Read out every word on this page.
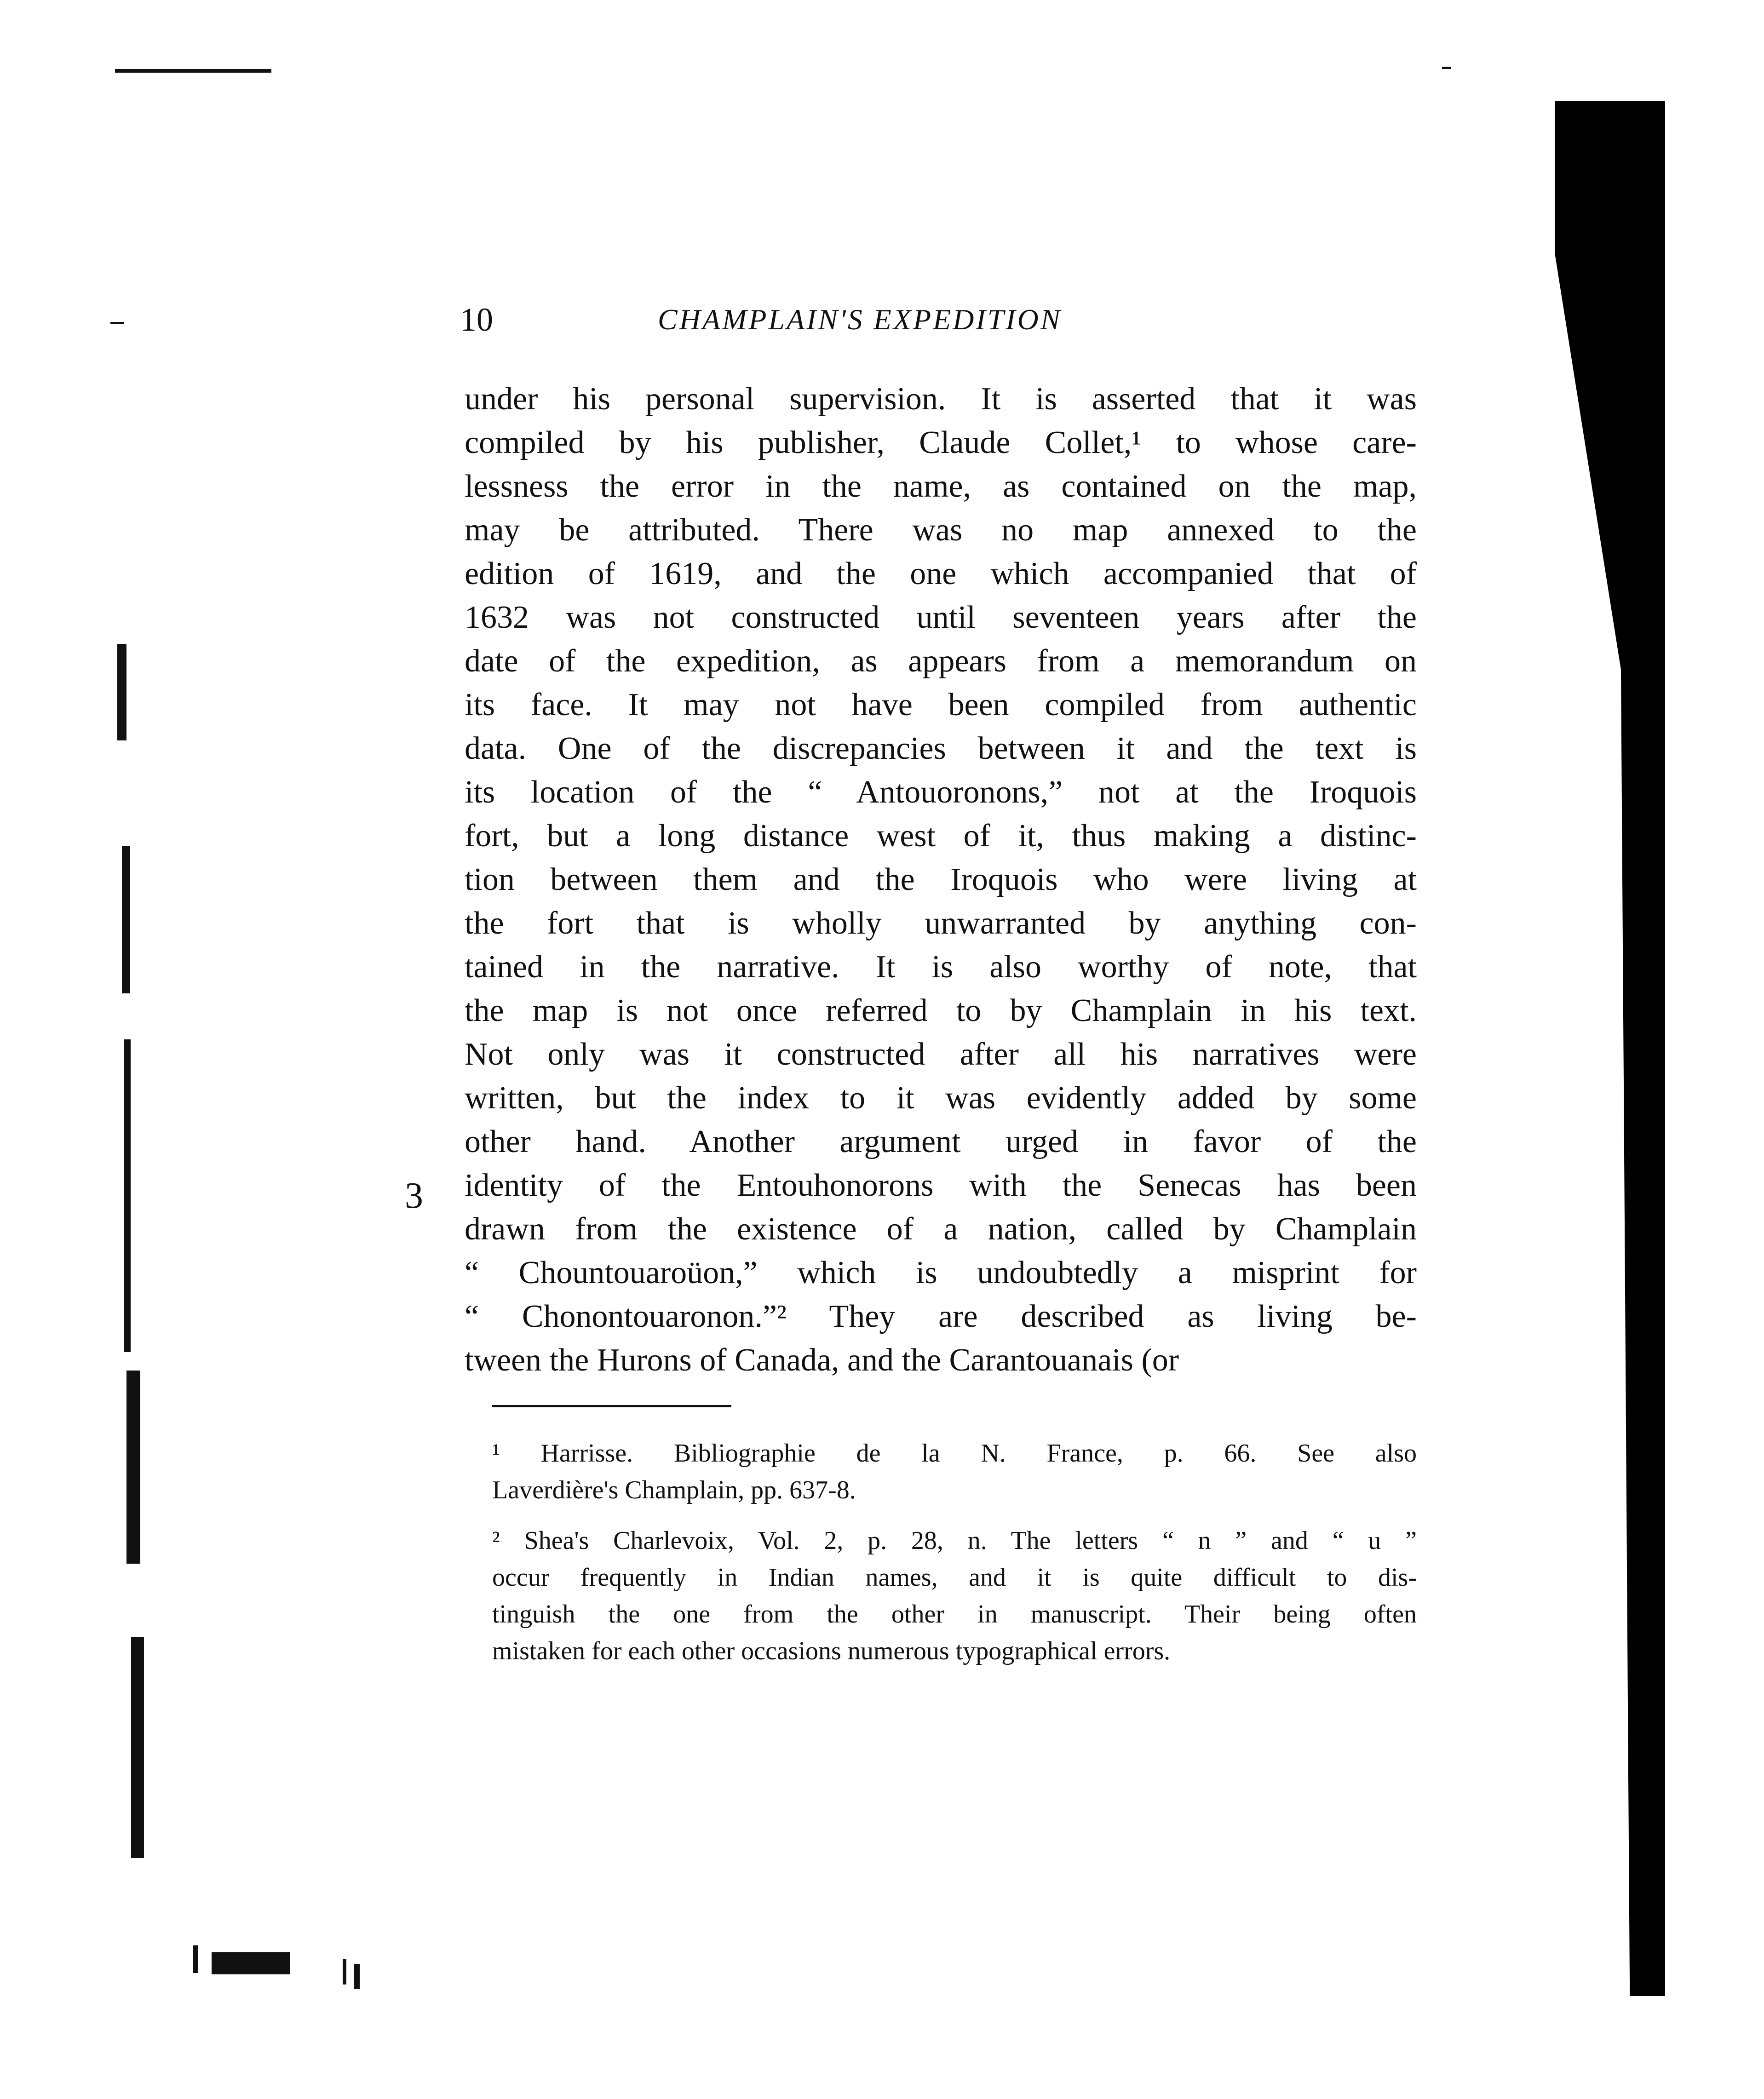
3
10	CHAMPLAIN'S EXPEDITION
under his personal supervision. It is asserted that it was
compiled by his publisher, Claude Collet,¹ to whose care-
lessness the error in the name, as contained on the map,
may be attributed. There was no map annexed to the
edition of 1619, and the one which accompanied that of
1632 was not constructed until seventeen years after the
date of the expedition, as appears from a memorandum on
its face. It may not have been compiled from authentic
data. One of the discrepancies between it and the text is
its location of the “ Antouoronons,” not at the Iroquois
fort, but a long distance west of it, thus making a distinc-
tion between them and the Iroquois who were living at
the fort that is wholly unwarranted by anything con-
tained in the narrative. It is also worthy of note, that
the map is not once referred to by Champlain in his text.
Not only was it constructed after all his narratives were
written, but the index to it was evidently added by some
other hand. Another argument urged in favor of the
identity of the Entouhonorons with the Senecas has been
drawn from the existence of a nation, called by Champlain
“ Chountouaroüon,” which is undoubtedly a misprint for
“ Chonontouaronon.”² They are described as living be-
tween the Hurons of Canada, and the Carantouanais (or
¹ Harrisse. Bibliographie de la N. France, p. 66. See also
Laverdière's Champlain, pp. 637-8.
² Shea's Charlevoix, Vol. 2, p. 28, n. The letters “ n ” and “ u ”
occur frequently in Indian names, and it is quite difficult to dis-
tinguish the one from the other in manuscript. Their being often
mistaken for each other occasions numerous typographical errors.
